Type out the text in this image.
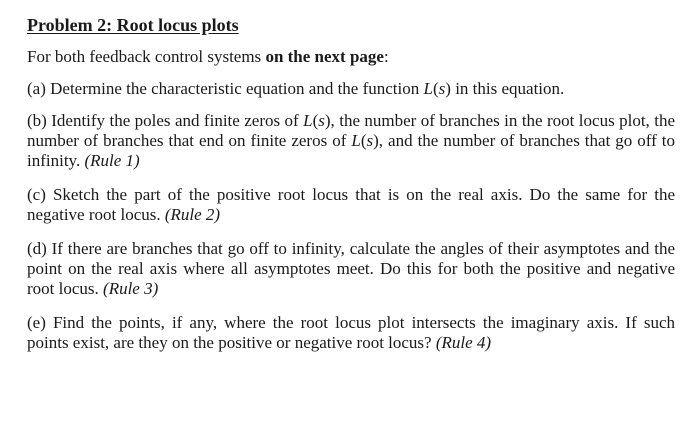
Problem 2: Root locus plots
For both feedback control systems on the next page:
(a) Determine the characteristic equation and the function L(s) in this equation.
(b) Identify the poles and finite zeros of L(s), the number of branches in the root locus plot, the number of branches that end on finite zeros of L(s), and the number of branches that go off to infinity. (Rule 1)
(c) Sketch the part of the positive root locus that is on the real axis. Do the same for the negative root locus. (Rule 2)
(d) If there are branches that go off to infinity, calculate the angles of their asymptotes and the point on the real axis where all asymptotes meet. Do this for both the positive and negative root locus. (Rule 3)
(e) Find the points, if any, where the root locus plot intersects the imaginary axis. If such points exist, are they on the positive or negative root locus? (Rule 4)
